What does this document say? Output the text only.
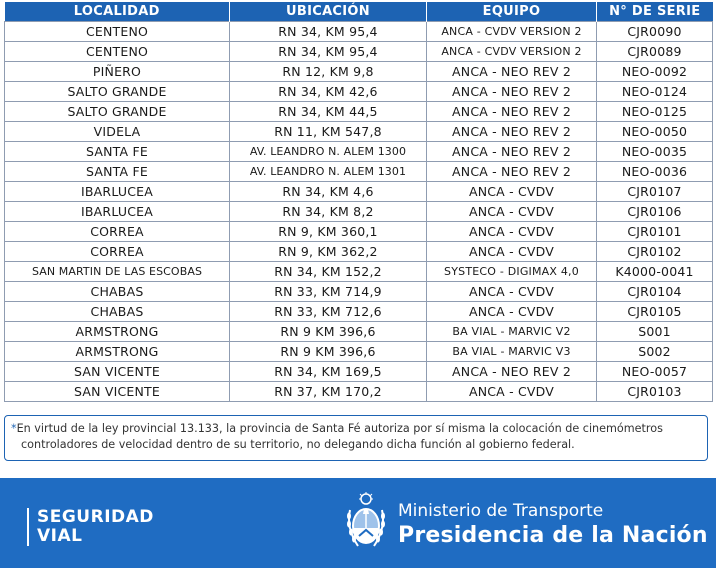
LOCALIDAD	UBICACIÓN	EQUIPO	N° DE SERIE
CENTENO	RN 34, KM 95,4	ANCA - CVDV VERSION 2	CJR0090
CENTENO	RN 34, KM 95,4	ANCA - CVDV VERSION 2	CJR0089
PIÑERO	RN 12, KM 9,8	ANCA - NEO REV 2	NEO-0092
SALTO GRANDE	RN 34, KM 42,6	ANCA - NEO REV 2	NEO-0124
SALTO GRANDE	RN 34, KM 44,5	ANCA - NEO REV 2	NEO-0125
VIDELA	RN 11, KM 547,8	ANCA - NEO REV 2	NEO-0050
SANTA FE	AV. LEANDRO N. ALEM 1300	ANCA - NEO REV 2	NEO-0035
SANTA FE	AV. LEANDRO N. ALEM 1301	ANCA - NEO REV 2	NEO-0036
IBARLUCEA	RN 34, KM 4,6	ANCA - CVDV	CJR0107
IBARLUCEA	RN 34, KM 8,2	ANCA - CVDV	CJR0106
CORREA	RN 9, KM 360,1	ANCA - CVDV	CJR0101
CORREA	RN 9, KM 362,2	ANCA - CVDV	CJR0102
SAN MARTIN DE LAS ESCOBAS	RN 34, KM 152,2	SYSTECO - DIGIMAX 4,0	K4000-0041
CHABAS	RN 33, KM 714,9	ANCA - CVDV	CJR0104
CHABAS	RN 33, KM 712,6	ANCA - CVDV	CJR0105
ARMSTRONG	RN 9 KM 396,6	BA VIAL - MARVIC V2	S001
ARMSTRONG	RN 9 KM 396,6	BA VIAL - MARVIC V3	S002
SAN VICENTE	RN 34, KM 169,5	ANCA - NEO REV 2	NEO-0057
SAN VICENTE	RN 37, KM 170,2	ANCA - CVDV	CJR0103
*En virtud de la ley provincial 13.133, la provincia de Santa Fé autoriza por sí misma la colocación de cinemómetros
controladores de velocidad dentro de su territorio, no delegando dicha función al gobierno federal.
SEGURIDAD
VIAL
Ministerio de Transporte
Presidencia de la Nación
